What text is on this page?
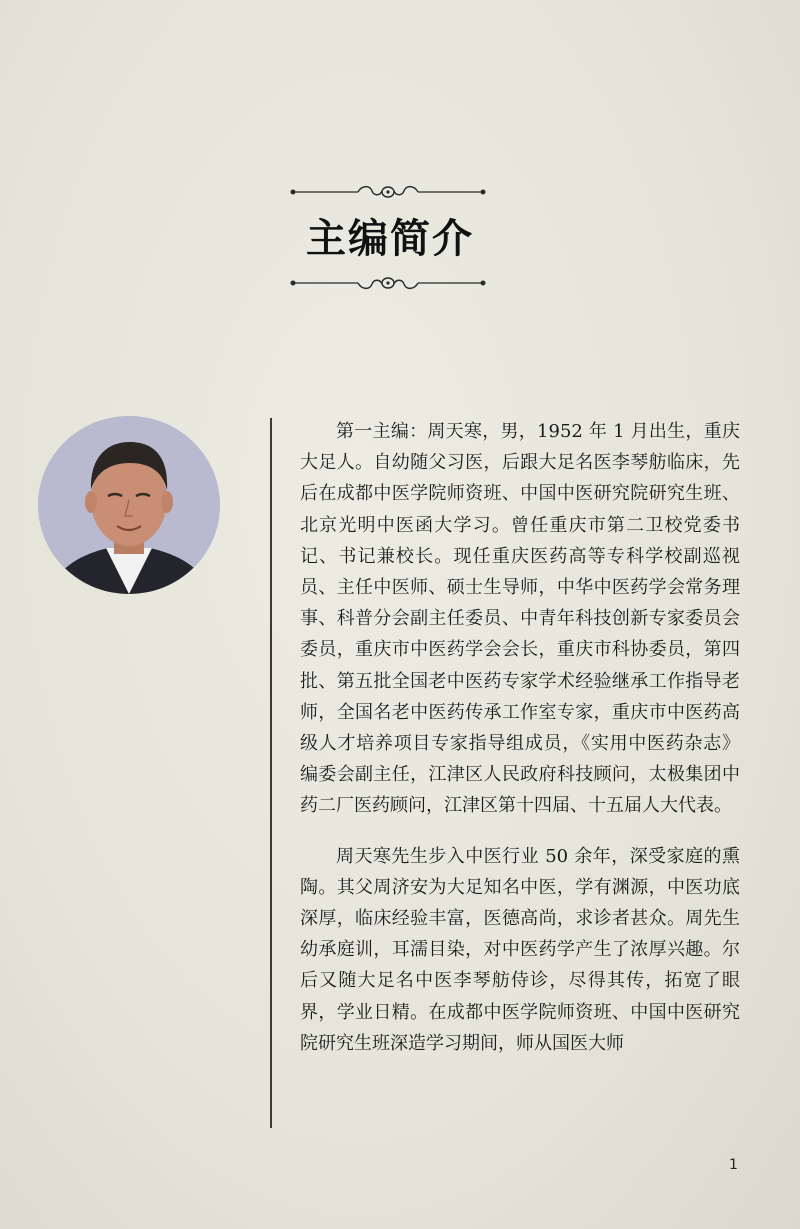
主编简介

第一主编：周天寒，男，1952 年 1 月出生，重庆大足人。自幼随父习医，后跟大足名医李琴舫临床，先后在成都中医学院师资班、中国中医研究院研究生班、北京光明中医函大学习。曾任重庆市第二卫校党委书记、书记兼校长。现任重庆医药高等专科学校副巡视员、主任中医师、硕士生导师，中华中医药学会常务理事、科普分会副主任委员、中青年科技创新专家委员会委员，重庆市中医药学会会长，重庆市科协委员，第四批、第五批全国老中医药专家学术经验继承工作指导老师，全国名老中医药传承工作室专家，重庆市中医药高级人才培养项目专家指导组成员，《实用中医药杂志》编委会副主任，江津区人民政府科技顾问，太极集团中药二厂医药顾问，江津区第十四届、十五届人大代表。

周天寒先生步入中医行业 50 余年，深受家庭的熏陶。其父周济安为大足知名中医，学有渊源，中医功底深厚，临床经验丰富，医德高尚，求诊者甚众。周先生幼承庭训，耳濡目染，对中医药学产生了浓厚兴趣。尔后又随大足名中医李琴舫侍诊，尽得其传，拓宽了眼界，学业日精。在成都中医学院师资班、中国中医研究院研究生班深造学习期间，师从国医大师

1
